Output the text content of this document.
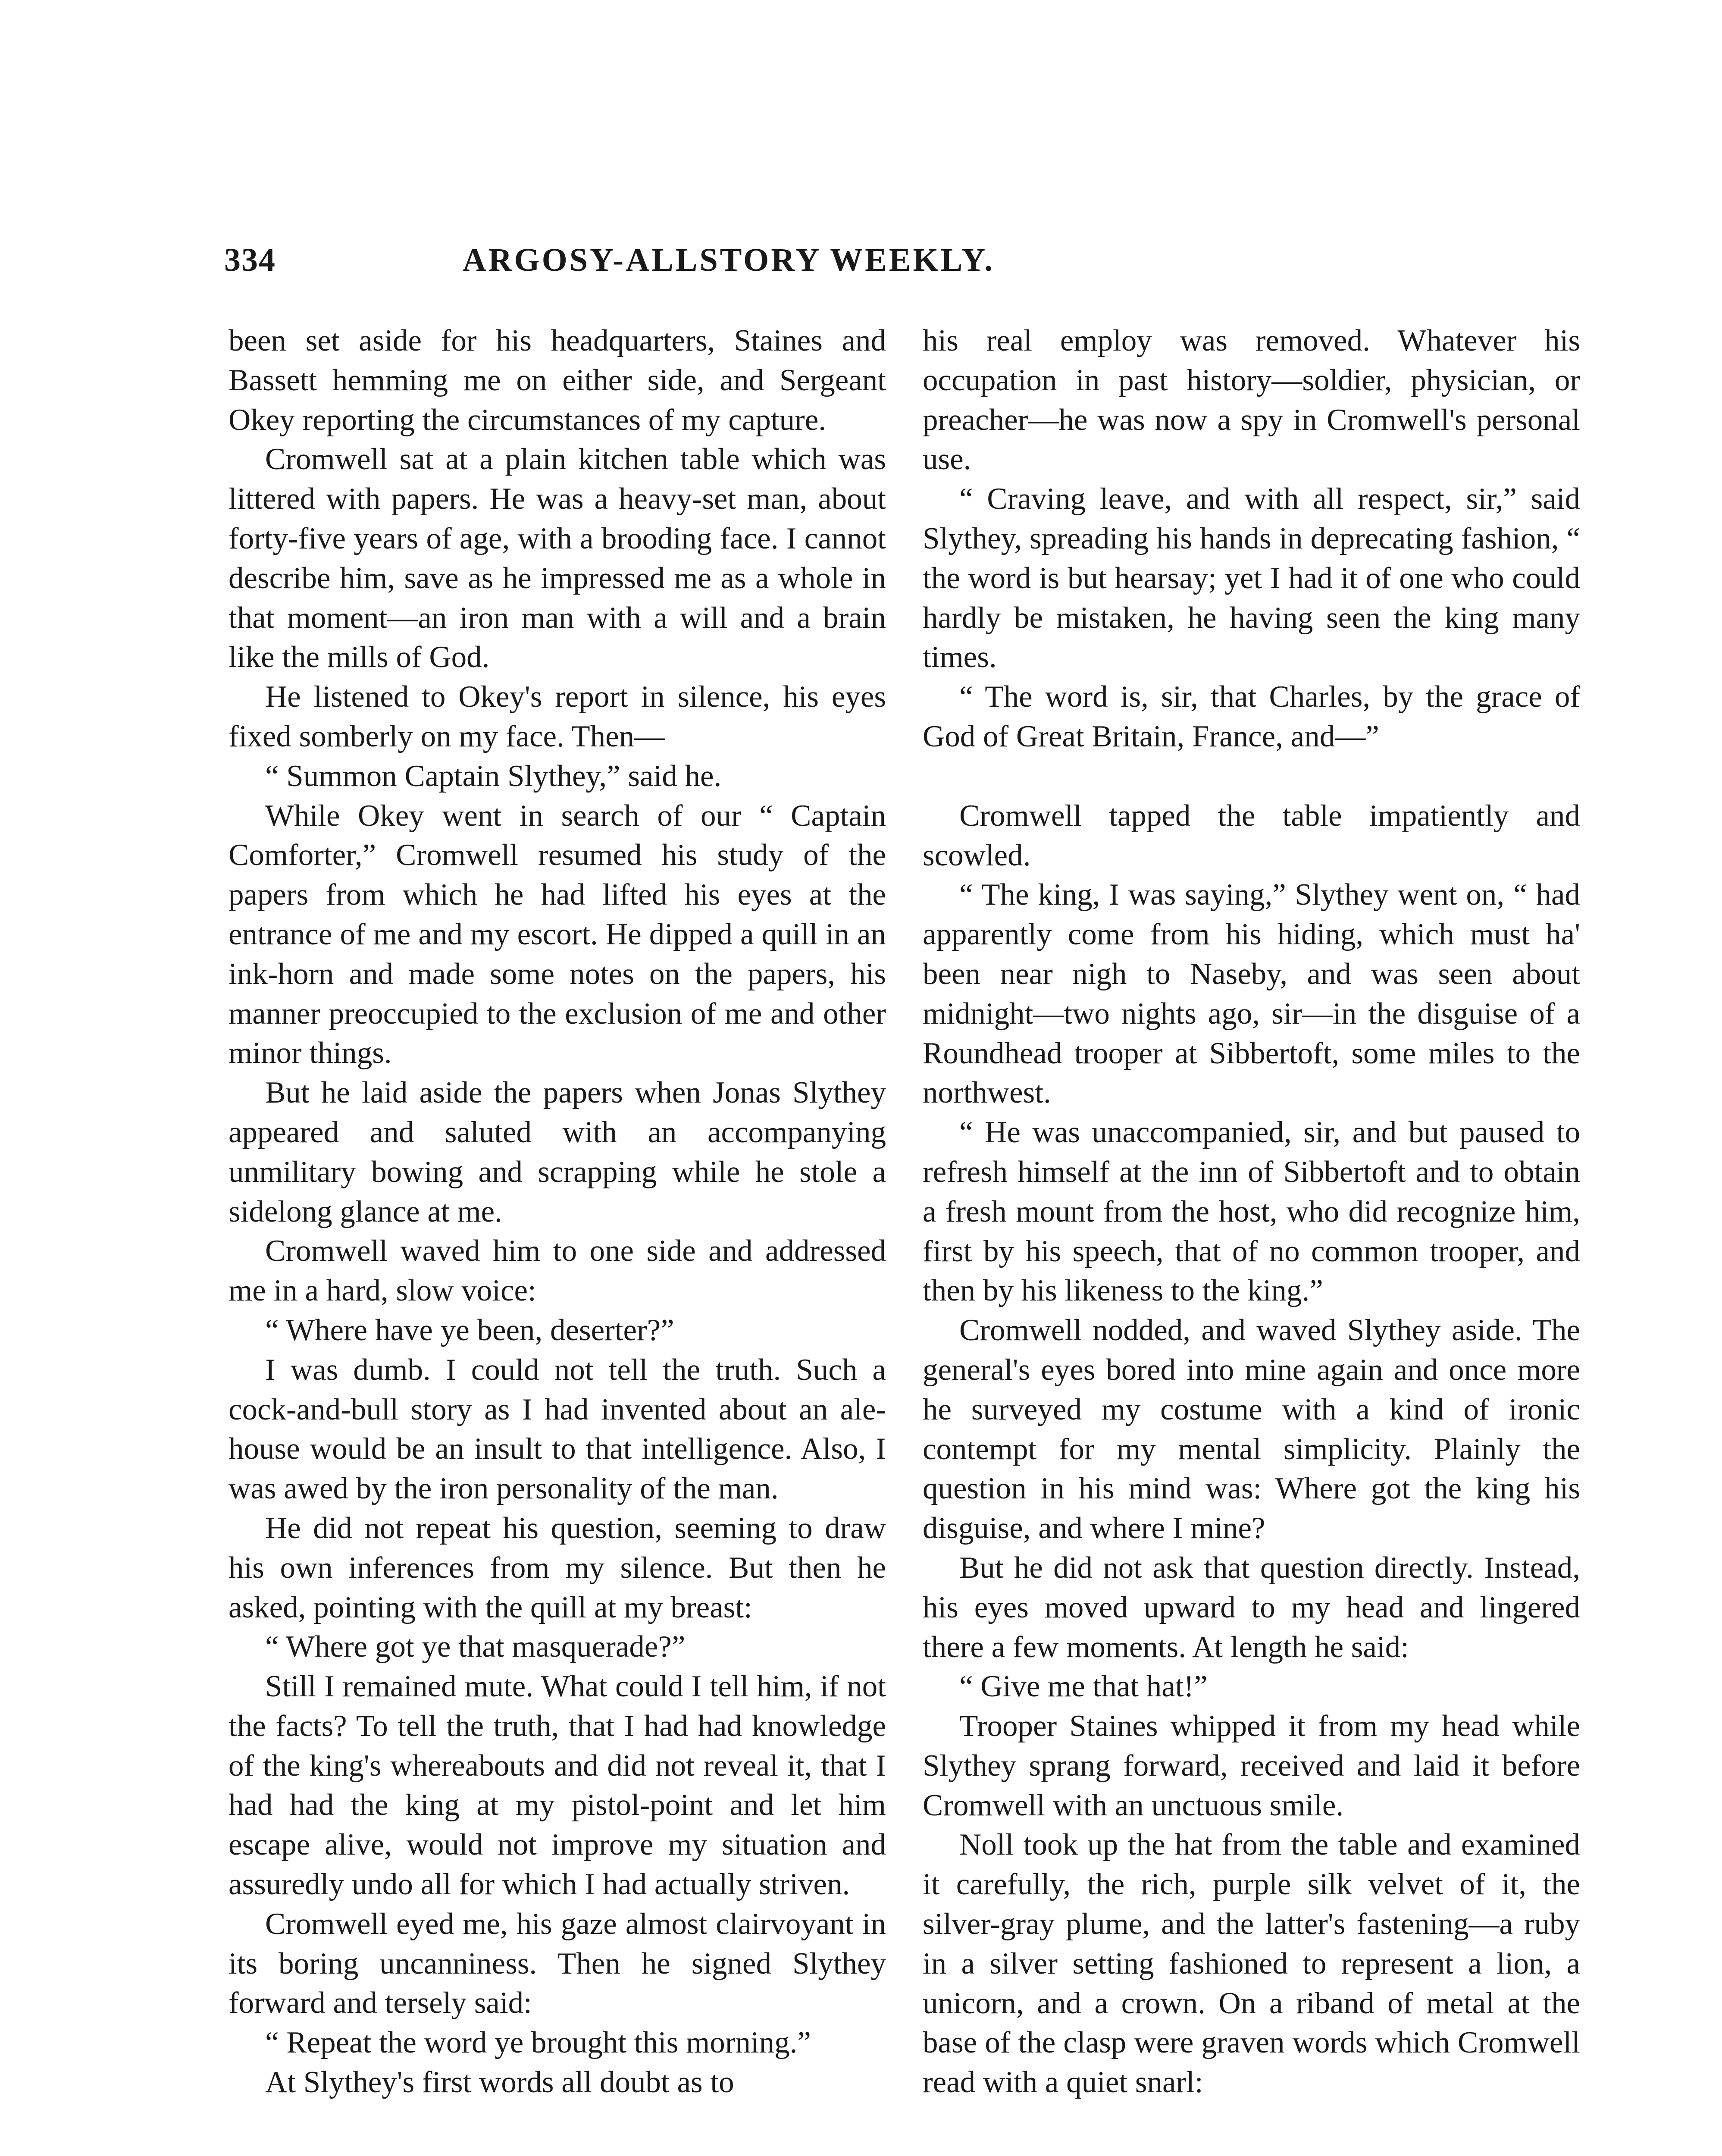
334	ARGOSY-ALLSTORY WEEKLY.

been set aside for his headquarters, Staines and Bassett hemming me on either side, and Sergeant Okey reporting the circumstances of my capture.

Cromwell sat at a plain kitchen table which was littered with papers. He was a heavy-set man, about forty-five years of age, with a brooding face. I cannot describe him, save as he impressed me as a whole in that moment—an iron man with a will and a brain like the mills of God.

He listened to Okey's report in silence, his eyes fixed somberly on my face. Then—

“ Summon Captain Slythey,” said he.

While Okey went in search of our “ Captain Comforter,” Cromwell resumed his study of the papers from which he had lifted his eyes at the entrance of me and my escort. He dipped a quill in an ink-horn and made some notes on the papers, his manner preoccupied to the exclusion of me and other minor things.

But he laid aside the papers when Jonas Slythey appeared and saluted with an accompanying unmilitary bowing and scrapping while he stole a sidelong glance at me.

Cromwell waved him to one side and addressed me in a hard, slow voice:

“ Where have ye been, deserter?”

I was dumb. I could not tell the truth. Such a cock-and-bull story as I had invented about an ale-house would be an insult to that intelligence. Also, I was awed by the iron personality of the man.

He did not repeat his question, seeming to draw his own inferences from my silence. But then he asked, pointing with the quill at my breast:

“ Where got ye that masquerade?”

Still I remained mute. What could I tell him, if not the facts? To tell the truth, that I had had knowledge of the king's whereabouts and did not reveal it, that I had had the king at my pistol-point and let him escape alive, would not improve my situation and assuredly undo all for which I had actually striven.

Cromwell eyed me, his gaze almost clairvoyant in its boring uncanniness. Then he signed Slythey forward and tersely said:

“ Repeat the word ye brought this morning.”

At Slythey's first words all doubt as to

his real employ was removed. Whatever his occupation in past history—soldier, physician, or preacher—he was now a spy in Cromwell's personal use.

“ Craving leave, and with all respect, sir,” said Slythey, spreading his hands in deprecating fashion, “ the word is but hearsay; yet I had it of one who could hardly be mistaken, he having seen the king many times.

“ The word is, sir, that Charles, by the grace of God of Great Britain, France, and—”

Cromwell tapped the table impatiently and scowled.

“ The king, I was saying,” Slythey went on, “ had apparently come from his hiding, which must ha' been near nigh to Naseby, and was seen about midnight—two nights ago, sir—in the disguise of a Roundhead trooper at Sibbertoft, some miles to the northwest.

“ He was unaccompanied, sir, and but paused to refresh himself at the inn of Sibbertoft and to obtain a fresh mount from the host, who did recognize him, first by his speech, that of no common trooper, and then by his likeness to the king.”

Cromwell nodded, and waved Slythey aside. The general's eyes bored into mine again and once more he surveyed my costume with a kind of ironic contempt for my mental simplicity. Plainly the question in his mind was: Where got the king his disguise, and where I mine?

But he did not ask that question directly. Instead, his eyes moved upward to my head and lingered there a few moments. At length he said:

“ Give me that hat!”

Trooper Staines whipped it from my head while Slythey sprang forward, received and laid it before Cromwell with an unctuous smile.

Noll took up the hat from the table and examined it carefully, the rich, purple silk velvet of it, the silver-gray plume, and the latter's fastening—a ruby in a silver setting fashioned to represent a lion, a unicorn, and a crown. On a riband of metal at the base of the clasp were graven words which Cromwell read with a quiet snarl:
